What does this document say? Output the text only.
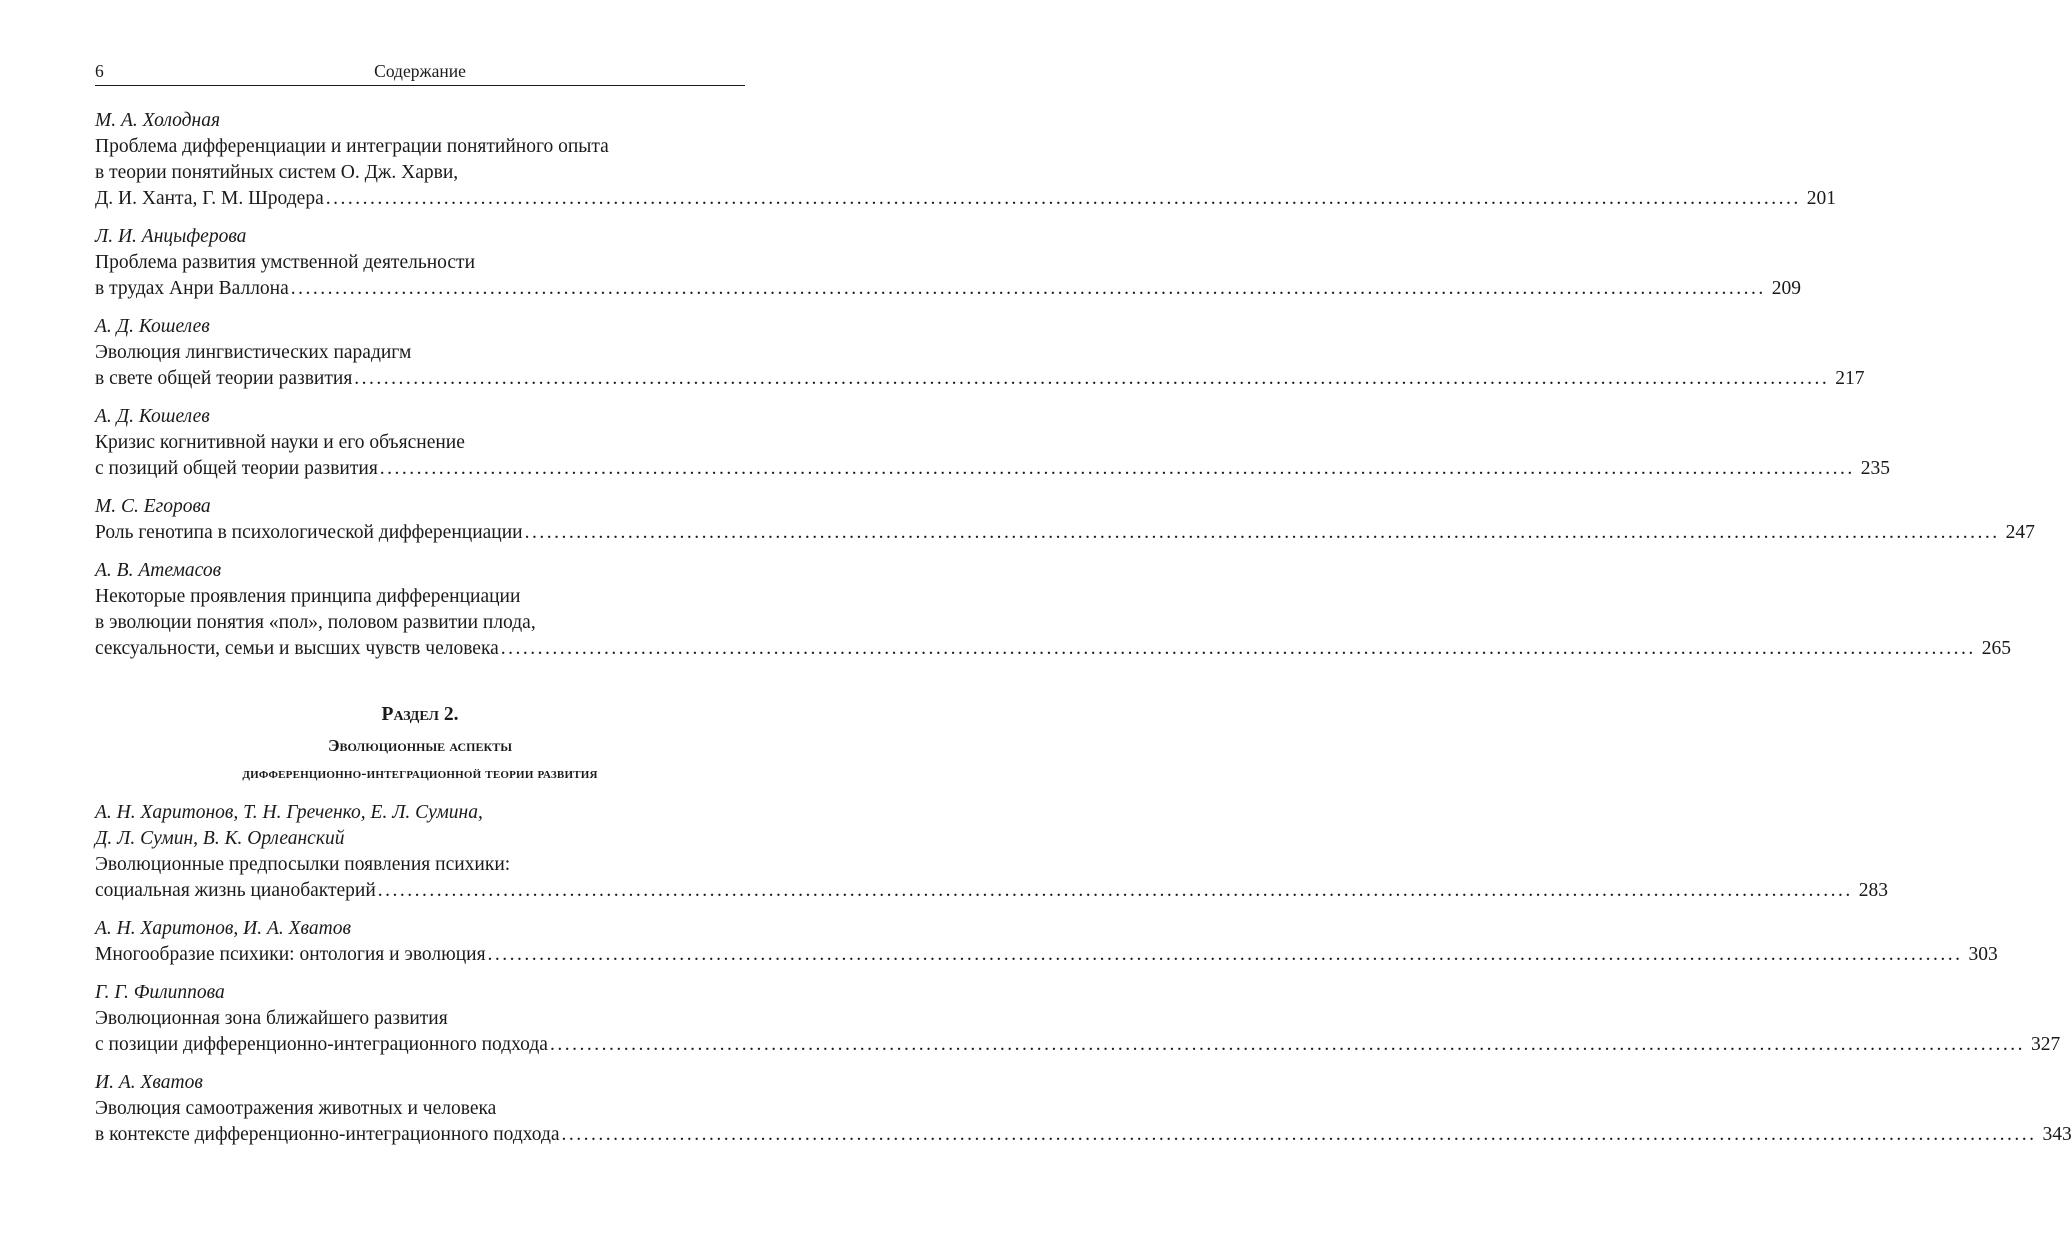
6	Содержание
М. А. Холодная
Проблема дифференциации и интеграции понятийного опыта
в теории понятийных систем О. Дж. Харви,
Д. И. Ханта, Г. М. Шродера ........................................................................................................................................................................................................ 201
Л. И. Анцыферова
Проблема развития умственной деятельности
в трудах Анри Валлона ........................................................................................................................................................................................................ 209
А. Д. Кошелев
Эволюция лингвистических парадигм
в свете общей теории развития ........................................................................................................................................................................................................ 217
А. Д. Кошелев
Кризис когнитивной науки и его объяснение
с позиций общей теории развития ........................................................................................................................................................................................................ 235
М. С. Егорова
Роль генотипа в психологической дифференциации ........................................................................................................................................................................................................ 247
А. В. Атемасов
Некоторые проявления принципа дифференциации
в эволюции понятия «пол», половом развитии плода,
сексуальности, семьи и высших чувств человека ........................................................................................................................................................................................................ 265
Раздел 2.
Эволюционные аспекты
дифференционно-интеграционной теории развития
А. Н. Харитонов, Т. Н. Греченко, Е. Л. Сумина,
Д. Л. Сумин, В. К. Орлеанский
Эволюционные предпосылки появления психики:
социальная жизнь цианобактерий ........................................................................................................................................................................................................ 283
А. Н. Харитонов, И. А. Хватов
Многообразие психики: онтология и эволюция ........................................................................................................................................................................................................ 303
Г. Г. Филиппова
Эволюционная зона ближайшего развития
с позиции дифференционно-интеграционного подхода ........................................................................................................................................................................................................ 327
И. А. Хватов
Эволюция самоотражения животных и человека
в контексте дифференционно-интеграционного подхода ........................................................................................................................................................................................................ 343
